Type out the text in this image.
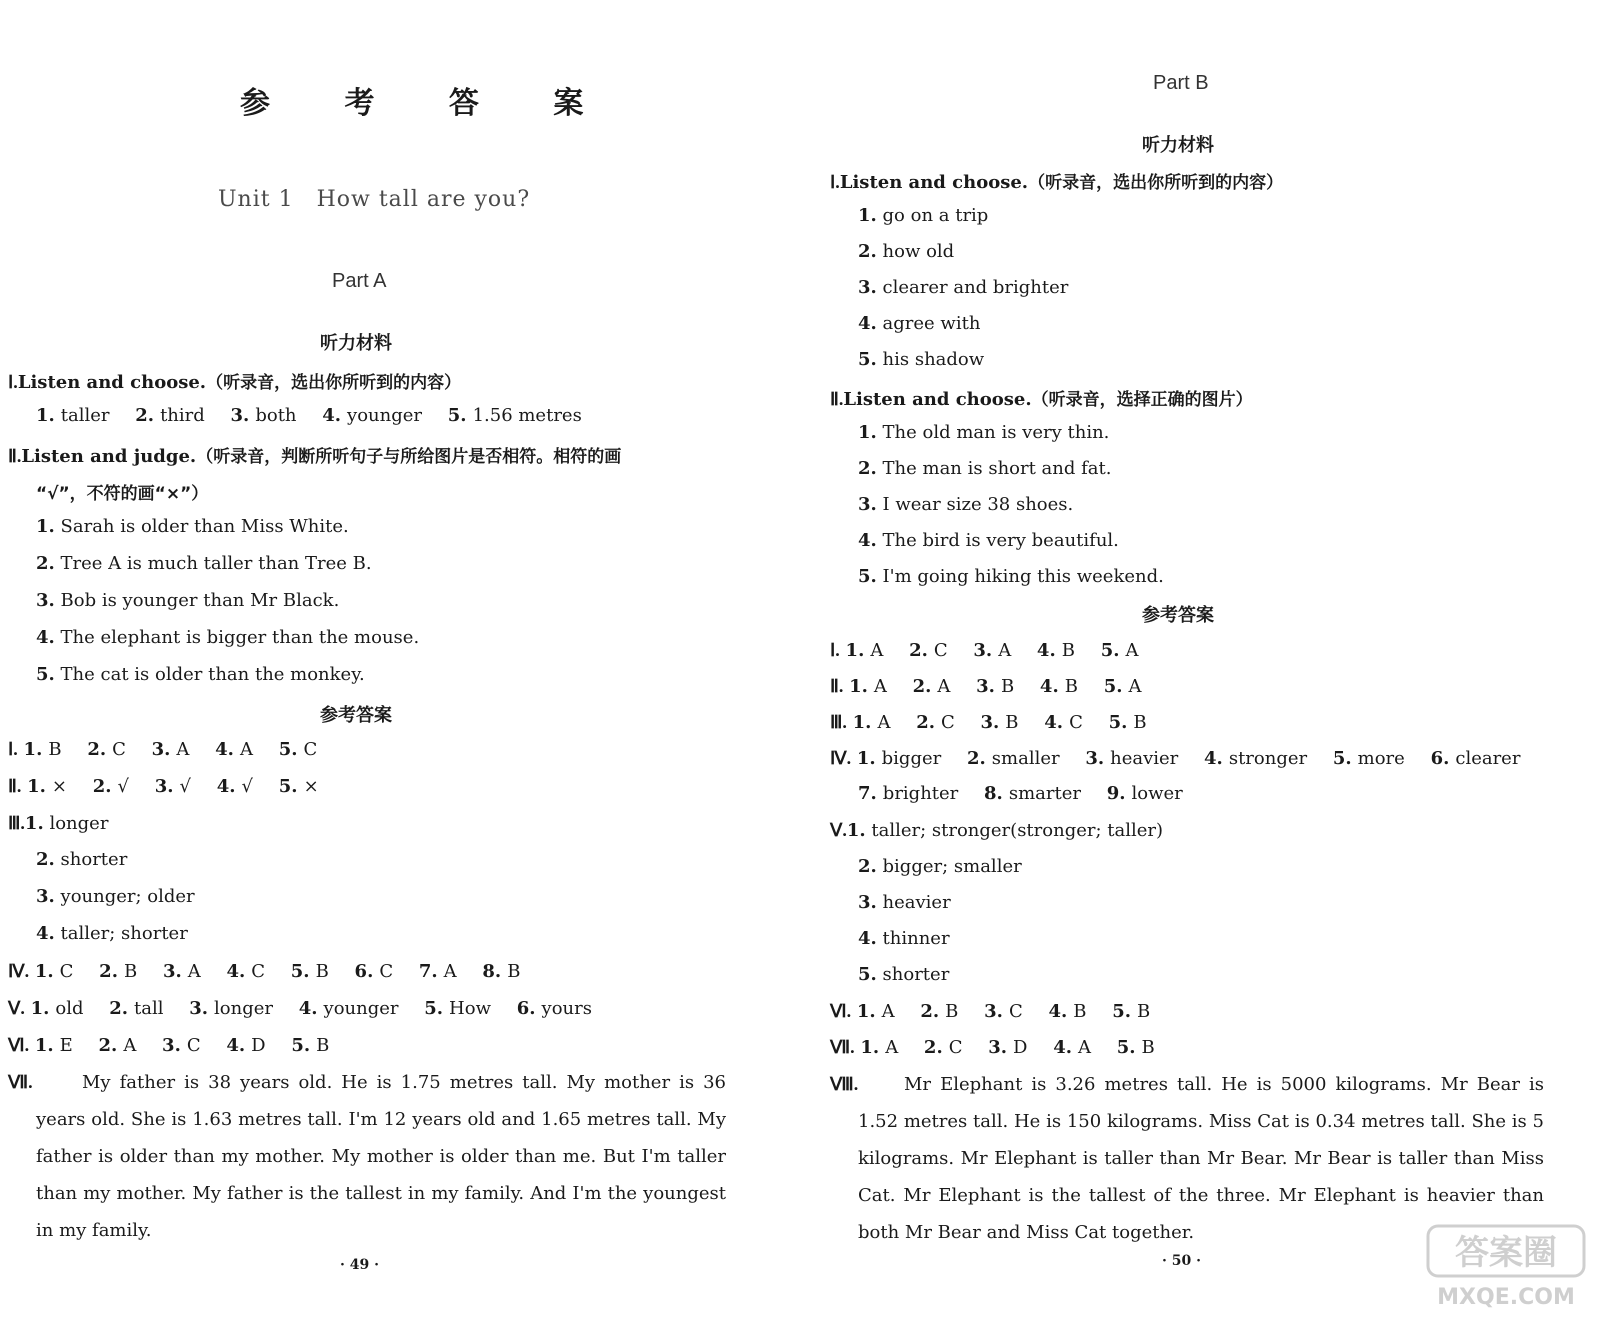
参 考 答 案
Unit 1　How tall are you?
Part A
听力材料
Ⅰ.Listen and choose.（听录音，选出你所听到的内容）
1. taller 2. third 3. both 4. younger 5. 1.56 metres
Ⅱ.Listen and judge.（听录音，判断所听句子与所给图片是否相符。相符的画
“√”，不符的画“×”）
1. Sarah is older than Miss White.
2. Tree A is much taller than Tree B.
3. Bob is younger than Mr Black.
4. The elephant is bigger than the mouse.
5. The cat is older than the monkey.
参考答案
Ⅰ. 1. B 2. C 3. A 4. A 5. C
Ⅱ. 1. × 2. √ 3. √ 4. √ 5. ×
Ⅲ.1. longer
2. shorter
3. younger; older
4. taller; shorter
Ⅳ. 1. C 2. B 3. A 4. C 5. B 6. C 7. A 8. B
Ⅴ. 1. old 2. tall 3. longer 4. younger 5. How 6. yours
Ⅵ. 1. E 2. A 3. C 4. D 5. B
Ⅶ.	My father is 38 years old. He is 1.75 metres tall. My mother is 36 years old. She is 1.63 metres tall. I'm 12 years old and 1.65 metres tall. My father is older than my mother. My mother is older than me. But I'm taller than my mother. My father is the tallest in my family. And I'm the youngest in my family.
· 49 ·
Part B
听力材料
Ⅰ.Listen and choose.（听录音，选出你所听到的内容）
1. go on a trip
2. how old
3. clearer and brighter
4. agree with
5. his shadow
Ⅱ.Listen and choose.（听录音，选择正确的图片）
1. The old man is very thin.
2. The man is short and fat.
3. I wear size 38 shoes.
4. The bird is very beautiful.
5. I'm going hiking this weekend.
参考答案
Ⅰ. 1. A 2. C 3. A 4. B 5. A
Ⅱ. 1. A 2. A 3. B 4. B 5. A
Ⅲ. 1. A 2. C 3. B 4. C 5. B
Ⅳ. 1. bigger 2. smaller 3. heavier 4. stronger 5. more 6. clearer
7. brighter 8. smarter 9. lower
Ⅴ.1. taller; stronger(stronger; taller)
2. bigger; smaller
3. heavier
4. thinner
5. shorter
Ⅵ. 1. A 2. B 3. C 4. B 5. B
Ⅶ. 1. A 2. C 3. D 4. A 5. B
Ⅷ.	Mr Elephant is 3.26 metres tall. He is 5000 kilograms. Mr Bear is 1.52 metres tall. He is 150 kilograms. Miss Cat is 0.34 metres tall. She is 5 kilograms. Mr Elephant is taller than Mr Bear. Mr Bear is taller than Miss Cat. Mr Elephant is the tallest of the three. Mr Elephant is heavier than both Mr Bear and Miss Cat together.
· 50 ·	答案圈
MXQE.COM
